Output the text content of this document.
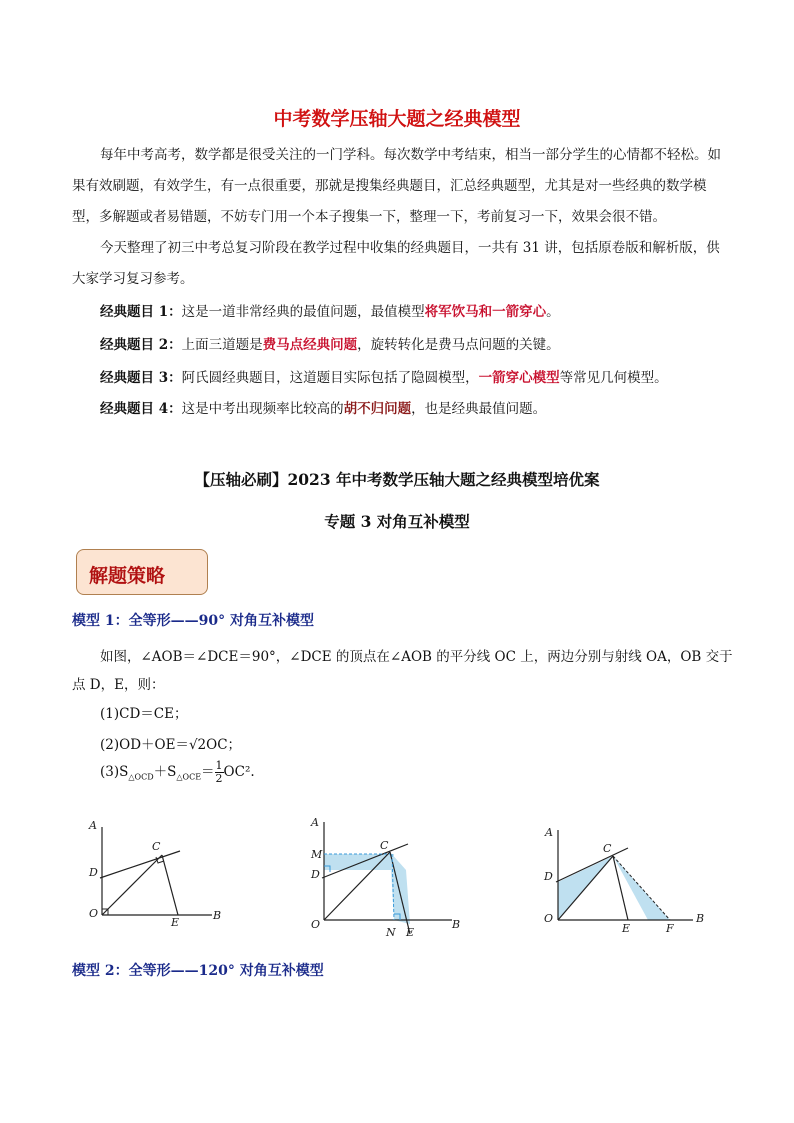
中考数学压轴大题之经典模型

每年中考高考，数学都是很受关注的一门学科。每次数学中考结束，相当一部分学生的心情都不轻松。如果有效刷题，有效学生，有一点很重要，那就是搜集经典题目，汇总经典题型，尤其是对一些经典的数学模型，多解题或者易错题，不妨专门用一个本子搜集一下，整理一下，考前复习一下，效果会很不错。

今天整理了初三中考总复习阶段在教学过程中收集的经典题目，一共有 31 讲，包括原卷版和解析版，供大家学习复习参考。

经典题目 1：这是一道非常经典的最值问题，最值模型将军饮马和一箭穿心。
经典题目 2：上面三道题是费马点经典问题，旋转转化是费马点问题的关键。
经典题目 3：阿氏圆经典题目，这道题目实际包括了隐圆模型，一箭穿心模型等常见几何模型。
经典题目 4：这是中考出现频率比较高的胡不归问题，也是经典最值问题。
【压轴必刷】2023 年中考数学压轴大题之经典模型培优案
专题 3 对角互补模型
解题策略
模型 1：全等形——90° 对角互补模型
如图，∠AOB＝∠DCE＝90°，∠DCE 的顶点在∠AOB 的平分线 OC 上，两边分别与射线 OA，OB 交于
点 D，E，则：
(1)CD＝CE；
(2)OD＋OE＝√2OC；
$(3)S_{\triangle OCD}+S_{\triangle OCE}= \frac{1}{2} OC^2$.
A
D
O
C
E
B
A
M
D
O
C
N E
B
A
D
O
C
E	F
B
模型 2：全等形——120° 对角互补模型
